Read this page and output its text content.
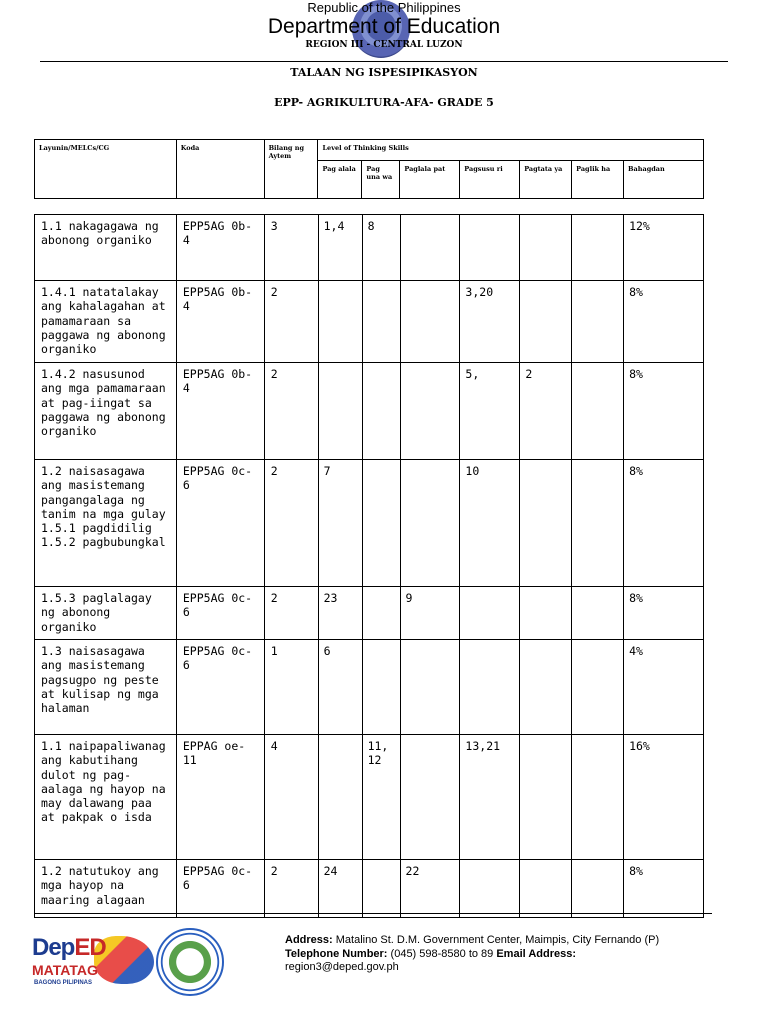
Republic of the Philippines
Department of Education
REGION III - CENTRAL LUZON
TALAAN NG ISPESIPIKASYON
EPP- AGRIKULTURA-AFA- GRADE 5
Layunin/MELCs/CG	Koda	Bilang ng Aytem	Level of Thinking Skills						
			Pag alala	Pag una wa	Paglala pat	Pagsusu ri	Pagtata ya	Paglik ha	Bahagdan
1.1 nakagagawa ng abonong organiko	EPP5AG 0b-4	3	1,4	8					12%
1.4.1 natatalakay ang kahalagahan at pamamaraan sa paggawa ng abonong organiko	EPP5AG 0b-4	2				3,20			8%
1.4.2 nasusunod ang mga pamamaraan at pag-iingat sa paggawa ng abonong organiko	EPP5AG 0b-4	2				5,	2		8%
1.2 naisasagawa ang masistemang pangangalaga ng tanim na mga gulay
1.5.1 pagdidilig
1.5.2 pagbubungkal	EPP5AG 0c-6	2	7			10			8%
1.5.3 paglalagay ng abonong organiko	EPP5AG 0c-6	2	23		9				8%
1.3 naisasagawa ang masistemang pagsugpo ng peste at kulisap ng mga halaman	EPP5AG 0c-6	1	6						4%
1.1 naipapaliwanag ang kabutihang dulot ng pag-aalaga ng hayop na may dalawang paa at pakpak o isda	EPPAG oe-11	4		11, 12		13,21			16%
1.2 natutukoy ang mga hayop na maaring alagaan	EPP5AG 0c-6	2	24		22				8%
DepED
MATATAG
BAGONG PILIPINAS
Address: Matalino St. D.M. Government Center, Maimpis, City Fernando (P)
Telephone Number: (045) 598-8580 to 89 Email Address:
region3@deped.gov.ph
